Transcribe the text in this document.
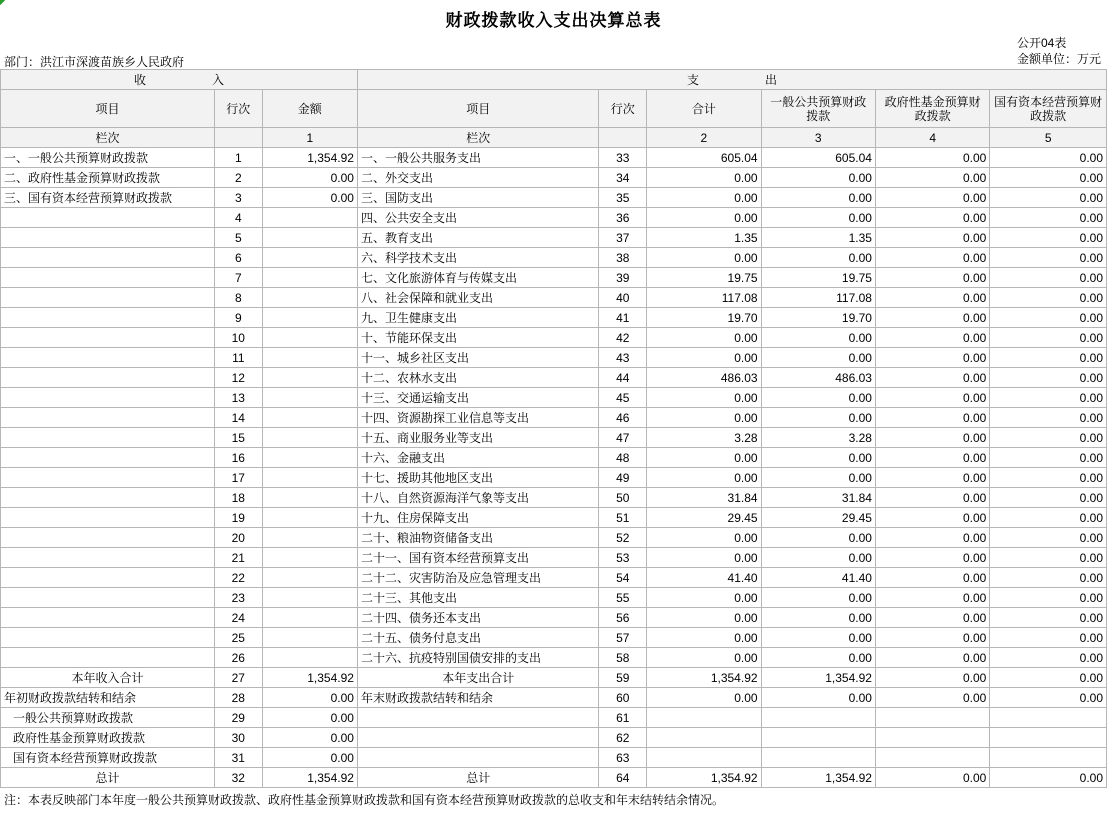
财政拨款收入支出决算总表
公开04表
金额单位：万元
部门：洪江市深渡苗族乡人民政府
收　　入			支　　出					
项目	行次	金额	项目	行次	合计	一般公共预算财政拨款	政府性基金预算财政拨款	国有资本经营预算财政拨款
栏次		1	栏次		2	3	4	5
一、一般公共预算财政拨款	1	1,354.92	一、一般公共服务支出	33	605.04	605.04	0.00	0.00
二、政府性基金预算财政拨款	2	0.00	二、外交支出	34	0.00	0.00	0.00	0.00
三、国有资本经营预算财政拨款	3	0.00	三、国防支出	35	0.00	0.00	0.00	0.00
	4		四、公共安全支出	36	0.00	0.00	0.00	0.00
	5		五、教育支出	37	1.35	1.35	0.00	0.00
	6		六、科学技术支出	38	0.00	0.00	0.00	0.00
	7		七、文化旅游体育与传媒支出	39	19.75	19.75	0.00	0.00
	8		八、社会保障和就业支出	40	117.08	117.08	0.00	0.00
	9		九、卫生健康支出	41	19.70	19.70	0.00	0.00
	10		十、节能环保支出	42	0.00	0.00	0.00	0.00
	11		十一、城乡社区支出	43	0.00	0.00	0.00	0.00
	12		十二、农林水支出	44	486.03	486.03	0.00	0.00
	13		十三、交通运输支出	45	0.00	0.00	0.00	0.00
	14		十四、资源勘探工业信息等支出	46	0.00	0.00	0.00	0.00
	15		十五、商业服务业等支出	47	3.28	3.28	0.00	0.00
	16		十六、金融支出	48	0.00	0.00	0.00	0.00
	17		十七、援助其他地区支出	49	0.00	0.00	0.00	0.00
	18		十八、自然资源海洋气象等支出	50	31.84	31.84	0.00	0.00
	19		十九、住房保障支出	51	29.45	29.45	0.00	0.00
	20		二十、粮油物资储备支出	52	0.00	0.00	0.00	0.00
	21		二十一、国有资本经营预算支出	53	0.00	0.00	0.00	0.00
	22		二十二、灾害防治及应急管理支出	54	41.40	41.40	0.00	0.00
	23		二十三、其他支出	55	0.00	0.00	0.00	0.00
	24		二十四、债务还本支出	56	0.00	0.00	0.00	0.00
	25		二十五、债务付息支出	57	0.00	0.00	0.00	0.00
	26		二十六、抗疫特别国债安排的支出	58	0.00	0.00	0.00	0.00
本年收入合计	27	1,354.92	本年支出合计	59	1,354.92	1,354.92	0.00	0.00
年初财政拨款结转和结余	28	0.00	年末财政拨款结转和结余	60	0.00	0.00	0.00	0.00
一般公共预算财政拨款	29	0.00		61				
政府性基金预算财政拨款	30	0.00		62				
国有资本经营预算财政拨款	31	0.00		63				
总计	32	1,354.92	总计	64	1,354.92	1,354.92	0.00	0.00
注：本表反映部门本年度一般公共预算财政拨款、政府性基金预算财政拨款和国有资本经营预算财政拨款的总收支和年末结转结余情况。
